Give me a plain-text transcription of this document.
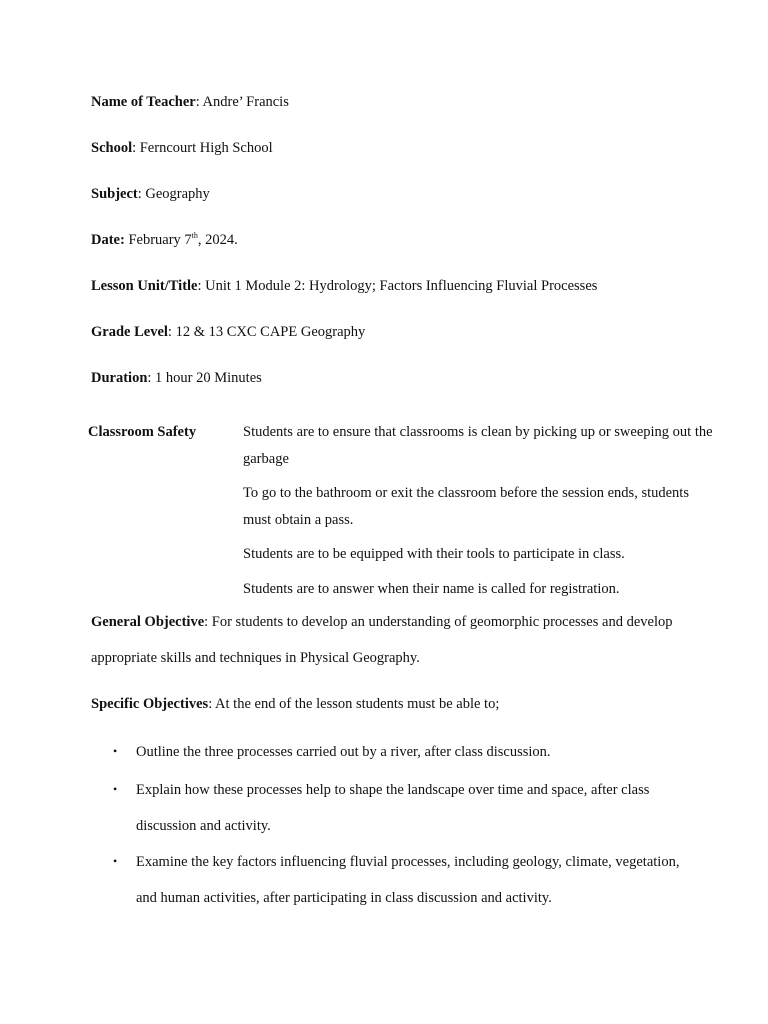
Name of Teacher: Andre’ Francis
School: Ferncourt High School
Subject: Geography
Date: February 7th, 2024.
Lesson Unit/Title: Unit 1 Module 2: Hydrology; Factors Influencing Fluvial Processes
Grade Level: 12 & 13 CXC CAPE Geography
Duration: 1 hour 20 Minutes
Classroom Safety	Students are to ensure that classrooms is clean by picking up or sweeping out the garbage
To go to the bathroom or exit the classroom before the session ends, students must obtain a pass.
Students are to be equipped with their tools to participate in class.
Students are to answer when their name is called for registration.
General Objective: For students to develop an understanding of geomorphic processes and develop appropriate skills and techniques in Physical Geography.
Specific Objectives: At the end of the lesson students must be able to;
• Outline the three processes carried out by a river, after class discussion.
• Explain how these processes help to shape the landscape over time and space, after class discussion and activity.
• Examine the key factors influencing fluvial processes, including geology, climate, vegetation, and human activities, after participating in class discussion and activity.
